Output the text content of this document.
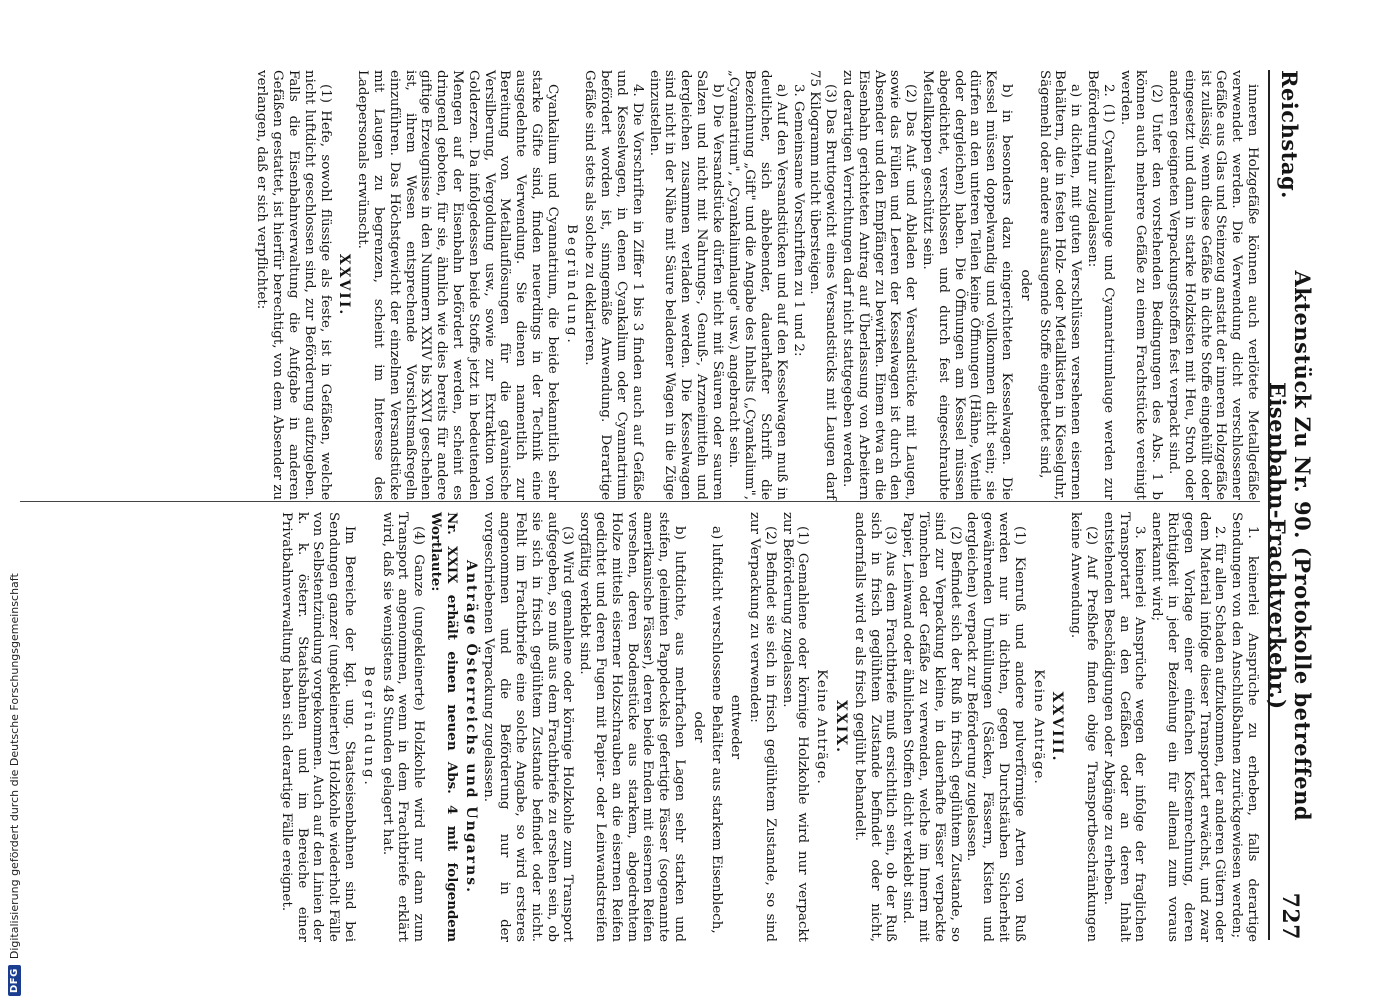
Reichstag.
Aktenstück Zu Nr. 90. (Protokolle betreffend Eisenbahn-Frachtverkehr.)
727

inneren Holzgefäße können auch verlötete Metallgefäße verwendet werden. Die Verwendung dicht verschlossener Gefäße aus Glas und Steinzeug anstatt der inneren Holzgefäße ist zulässig, wenn diese Gefäße in dichte Stoffe eingehüllt oder eingesetzt und dann in starke Holzkisten mit Heu, Stroh oder anderen geeigneten Verpackungsstoffen fest verpackt sind.

(2) Unter den vorstehenden Bedingungen des Abs. 1 b können auch mehrere Gefäße zu einem Frachtstücke vereinigt werden.

2. (1) Cyankaliumlauge und Cyannatriumlauge werden zur Beförderung nur zugelassen:

a) in dichten, mit guten Verschlüssen versehenen eisernen Behältern, die in festen Holz- oder Metallkisten in Kieselguhr, Sägemehl oder andere aufsaugende Stoffe eingebettet sind,

oder

b) in besonders dazu eingerichteten Kesselwagen. Die Kessel müssen doppelwandig und vollkommen dicht sein; sie dürfen an den unteren Teilen keine Öffnungen (Hähne, Ventile oder dergleichen) haben. Die Öffnungen am Kessel müssen abgedichtet, verschlossen und durch fest eingeschraubte Metallkappen geschützt sein.

(2) Das Auf- und Abladen der Versandstücke mit Laugen, sowie das Füllen und Leeren der Kesselwagen ist durch den Absender und den Empfänger zu bewirken. Einem etwa an die Eisenbahn gerichteten Antrag auf Überlassung von Arbeitern zu derartigen Verrichtungen darf nicht stattgegeben werden.

(3) Das Bruttogewicht eines Versandstücks mit Laugen darf 75 Kilogramm nicht übersteigen.

3. Gemeinsame Vorschriften zu 1 und 2:

a) Auf den Versandstücken und auf den Kesselwagen muß in deutlicher, sich abhebender, dauerhafter Schrift die Bezeichnung „Gift" und die Angabe des Inhalts („Cyankalium", „Cyannatrium", „Cyankaliumlauge" usw.) angebracht sein.

b) Die Versandstücke dürfen nicht mit Säuren oder sauren Salzen und nicht mit Nahrungs-, Genuß-, Arzneimitteln und dergleichen zusammen verladen werden. Die Kesselwagen sind nicht in der Nähe mit Säure beladener Wagen in die Züge einzustellen.

4. Die Vorschriften in Ziffer 1 bis 3 finden auch auf Gefäße und Kesselwagen, in denen Cyankalium oder Cyannatrium befördert worden ist, sinngemäße Anwendung. Derartige Gefäße sind stets als solche zu deklarieren.

Begründung.

Cyankalium und Cyannatrium, die beide bekanntlich sehr starke Gifte sind, finden neuerdings in der Technik eine ausgedehnte Verwendung. Sie dienen namentlich zur Bereitung von Metallauflösungen für die galvanische Versilberung, Vergoldung usw., sowie zur Extraktion von Golderzen. Da infolgedessen beide Stoffe jetzt in bedeutenden Mengen auf der Eisenbahn befördert werden, scheint es dringend geboten, für sie, ähnlich wie dies bereits für andere giftige Erzeugnisse in den Nummern XXIV bis XXVI geschehen ist, ihrem Wesen entsprechende Vorsichtsmaßregeln einzuführen. Das Höchstgewicht der einzelnen Versandstücke mit Laugen zu begrenzen, scheint im Interesse des Ladepersonals erwünscht.

XXVII.

(1) Hefe, sowohl flüssige als feste, ist in Gefäßen, welche nicht luftdicht geschlossen sind, zur Beförderung aufzugeben. Falls die Eisenbahnverwaltung die Aufgabe in anderen Gefäßen gestattet, ist hierfür berechtigt, von dem Absender zu verlangen, daß er sich verpflichtet:

1. keinerlei Ansprüche zu erheben, falls derartige Sendungen von den Anschlußbahnen zurückgewiesen werden;

2. für allen Schaden aufzukommen, der anderen Gütern oder dem Material infolge dieser Transportart erwächst, und zwar gegen Vorlage einer einfachen Kostenrechnung, deren Richtigkeit in jeder Beziehung ein für allemal zum voraus anerkannt wird;

3. keinerlei Ansprüche wegen der infolge der fraglichen Transportart an den Gefäßen oder an deren Inhalt entstehenden Beschädigungen oder Abgänge zu erheben.

(2) Auf Preßhefe finden obige Transportbeschränkungen keine Anwendung.

XXVIII.

Keine Anträge.

(1) Kienruß und andere pulverförmige Arten von Ruß werden nur in dichten, gegen Durchstäuben Sicherheit gewährenden Umhüllungen (Säcken, Fässern, Kisten und dergleichen) verpackt zur Beförderung zugelassen.

(2) Befindet sich der Ruß in frisch geglühtem Zustande, so sind zur Verpackung kleine, in dauerhafte Fässer verpackte Tönnchen oder Gefäße zu verwenden, welche im Innern mit Papier, Leinwand oder ähnlichen Stoffen dicht verklebt sind.

(3) Aus dem Frachtbriefe muß ersichtlich sein, ob der Ruß sich in frisch geglühtem Zustande befindet oder nicht, andernfalls wird er als frisch geglüht behandelt.

XXIX.

Keine Anträge.

(1) Gemahlene oder körnige Holzkohle wird nur verpackt zur Beförderung zugelassen.

(2) Befindet sie sich in frisch geglühtem Zustande, so sind zur Verpackung zu verwenden:

entweder

a) luftdicht verschlossene Behälter aus starkem Eisenblech,

oder

b) luftdichte, aus mehrfachen Lagen sehr starken und steifen, geleimten Pappdeckels gefertigte Fässer (sogenannte amerikanische Fässer), deren beide Enden mit eisernen Reifen versehen, deren Bodenstücke aus starkem, abgedrehtem Holze mittels eiserner Holzschrauben an die eisernen Reifen gedichtet und deren Fugen mit Papier- oder Leinwandstreifen sorgfältig verklebt sind.

(3) Wird gemahlene oder körnige Holzkohle zum Transport aufgegeben, so muß aus dem Frachtbriefe zu ersehen sein, ob sie sich in frisch geglühtem Zustande befindet oder nicht. Fehlt im Frachtbriefe eine solche Angabe, so wird ersteres angenommen und die Beförderung nur in der vorgeschriebenen Verpackung zugelassen.

Anträge Österreichs und Ungarns.

Nr. XXIX erhält einen neuen Abs. 4 mit folgendem Wortlaute:

(4) Ganze (ungekleinerte) Holzkohle wird nur dann zum Transport angenommen, wenn in dem Frachtbriefe erklärt wird, daß sie wenigstens 48 Stunden gelagert hat.

Begründung.

Im Bereiche der kgl. ung. Staatseisenbahnen sind bei Sendungen ganzer (ungekleinerter) Holzkohle wiederholt Fälle von Selbstentzündung vorgekommen. Auch auf den Linien der k. k. österr. Staatsbahnen und im Bereiche einer Privatbahnverwaltung haben sich derartige Fälle ereignet.

DFG
Digitalisierung gefördert durch die Deutsche Forschungsgemeinschaft
